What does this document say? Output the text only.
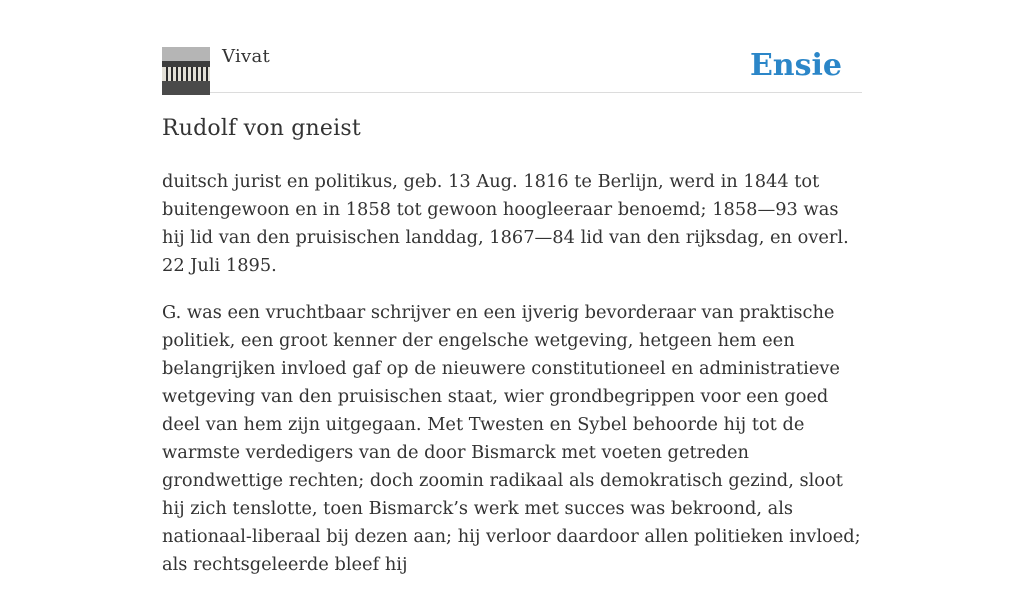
Vivat	Ensie
Rudolf von gneist

duitsch jurist en politikus, geb. 13 Aug. 1816 te Berlijn, werd in 1844 tot buitengewoon en in 1858 tot gewoon hoogleeraar benoemd; 1858—93 was hij lid van den pruisischen landdag, 1867—84 lid van den rijksdag, en overl. 22 Juli 1895.

G. was een vruchtbaar schrijver en een ijverig bevorderaar van praktische politiek, een groot kenner der engelsche wetgeving, hetgeen hem een belangrijken invloed gaf op de nieuwere constitutioneel en administratieve wetgeving van den pruisischen staat, wier grondbegrippen voor een goed deel van hem zijn uitgegaan. Met Twesten en Sybel behoorde hij tot de warmste verdedigers van de door Bismarck met voeten getreden grondwettige rechten; doch zoomin radikaal als demokratisch gezind, sloot hij zich tenslotte, toen Bismarck’s werk met succes was bekroond, als nationaal-liberaal bij dezen aan; hij verloor daardoor allen politieken invloed; als rechtsgeleerde bleef hij
